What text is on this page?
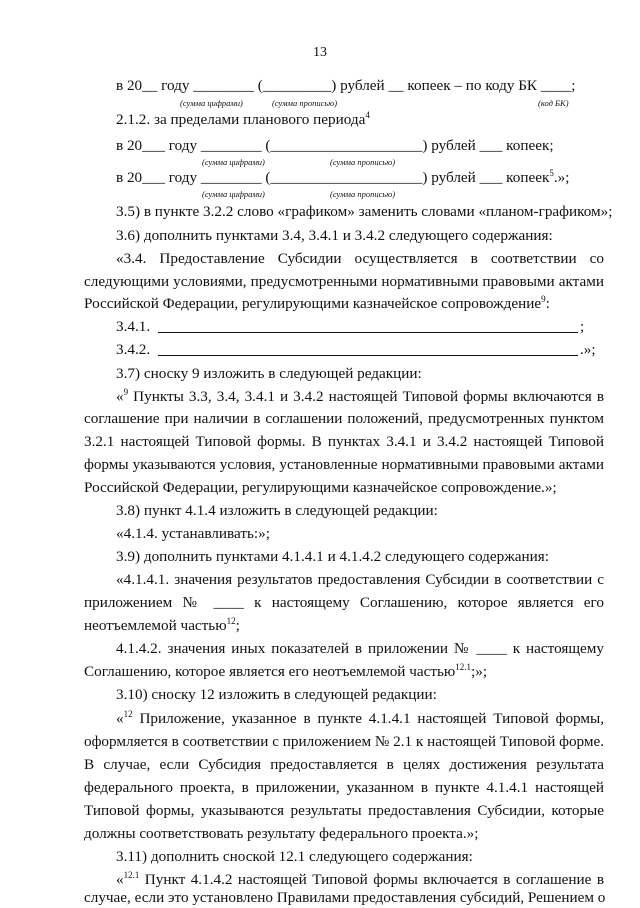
13
в 20__ году ________ (_________) рублей __ копеек – по коду БК ____;
(сумма цифрами)	(сумма прописью)	(код БК)
2.1.2. за пределами планового периода$^4$
в 20___ году ________ (____________________) рублей ___ копеек;
(сумма цифрами)	(сумма прописью)
в 20___ году ________ (____________________) рублей ___ копеек$^5$.»;
(сумма цифрами)	(сумма прописью)
3.5) в пункте 3.2.2 слово «графиком» заменить словами «планом-графиком»;
3.6) дополнить пунктами 3.4, 3.4.1 и 3.4.2 следующего содержания:
«3.4. Предоставление Субсидии осуществляется в соответствии со
следующими условиями, предусмотренными нормативными правовыми актами
Российской Федерации, регулирующими казначейское сопровождение$^9$:
3.4.1.	;
3.4.2.	.»;
3.7) сноску 9 изложить в следующей редакции:
«$^9$ Пункты 3.3, 3.4, 3.4.1 и 3.4.2 настоящей Типовой формы включаются в
соглашение при наличии в соглашении положений, предусмотренных пунктом
3.2.1 настоящей Типовой формы. В пунктах 3.4.1 и 3.4.2 настоящей Типовой
формы указываются условия, установленные нормативными правовыми актами
Российской Федерации, регулирующими казначейское сопровождение.»;
3.8) пункт 4.1.4 изложить в следующей редакции:
«4.1.4. устанавливать:»;
3.9) дополнить пунктами 4.1.4.1 и 4.1.4.2 следующего содержания:
«4.1.4.1. значения результатов предоставления Субсидии в соответствии с
приложением № ____ к настоящему Соглашению, которое является его
неотъемлемой частью$^{12}$;
4.1.4.2. значения иных показателей в приложении № ____ к настоящему
Соглашению, которое является его неотъемлемой частью$^{12.1}$;»;
3.10) сноску 12 изложить в следующей редакции:
«$^{12}$ Приложение, указанное в пункте 4.1.4.1 настоящей Типовой формы,
оформляется в соответствии с приложением № 2.1 к настоящей Типовой форме.
В случае, если Субсидия предоставляется в целях достижения результата
федерального проекта, в приложении, указанном в пункте 4.1.4.1 настоящей
Типовой формы, указываются результаты предоставления Субсидии, которые
должны соответствовать результату федерального проекта.»;
3.11) дополнить сноской 12.1 следующего содержания:
«$^{12.1}$ Пункт 4.1.4.2 настоящей Типовой формы включается в соглашение в
случае, если это установлено Правилами предоставления субсидий, Решением о
